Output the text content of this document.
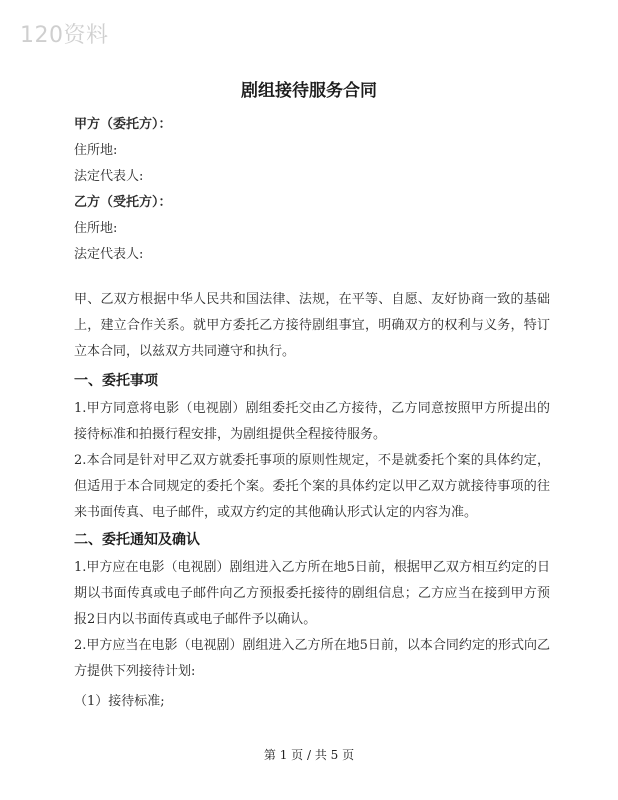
120资料
剧组接待服务合同
甲方（委托方）：
住所地:
法定代表人:
乙方（受托方）：
住所地:
法定代表人:

甲、乙双方根据中华人民共和国法律、法规，在平等、自愿、友好协商一致的基础上，建立合作关系。就甲方委托乙方接待剧组事宜，明确双方的权利与义务，特订立本合同，以兹双方共同遵守和执行。

一、委托事项

1.甲方同意将电影（电视剧）剧组委托交由乙方接待，乙方同意按照甲方所提出的接待标准和拍摄行程安排，为剧组提供全程接待服务。

2.本合同是针对甲乙双方就委托事项的原则性规定，不是就委托个案的具体约定，但适用于本合同规定的委托个案。委托个案的具体约定以甲乙双方就接待事项的往来书面传真、电子邮件，或双方约定的其他确认形式认定的内容为准。

二、委托通知及确认

1.甲方应在电影（电视剧）剧组进入乙方所在地5日前，根据甲乙双方相互约定的日期以书面传真或电子邮件向乙方预报委托接待的剧组信息；乙方应当在接到甲方预报2日内以书面传真或电子邮件予以确认。

2.甲方应当在电影（电视剧）剧组进入乙方所在地5日前，以本合同约定的形式向乙方提供下列接待计划:

（1）接待标准;
第 1 页 / 共 5 页
